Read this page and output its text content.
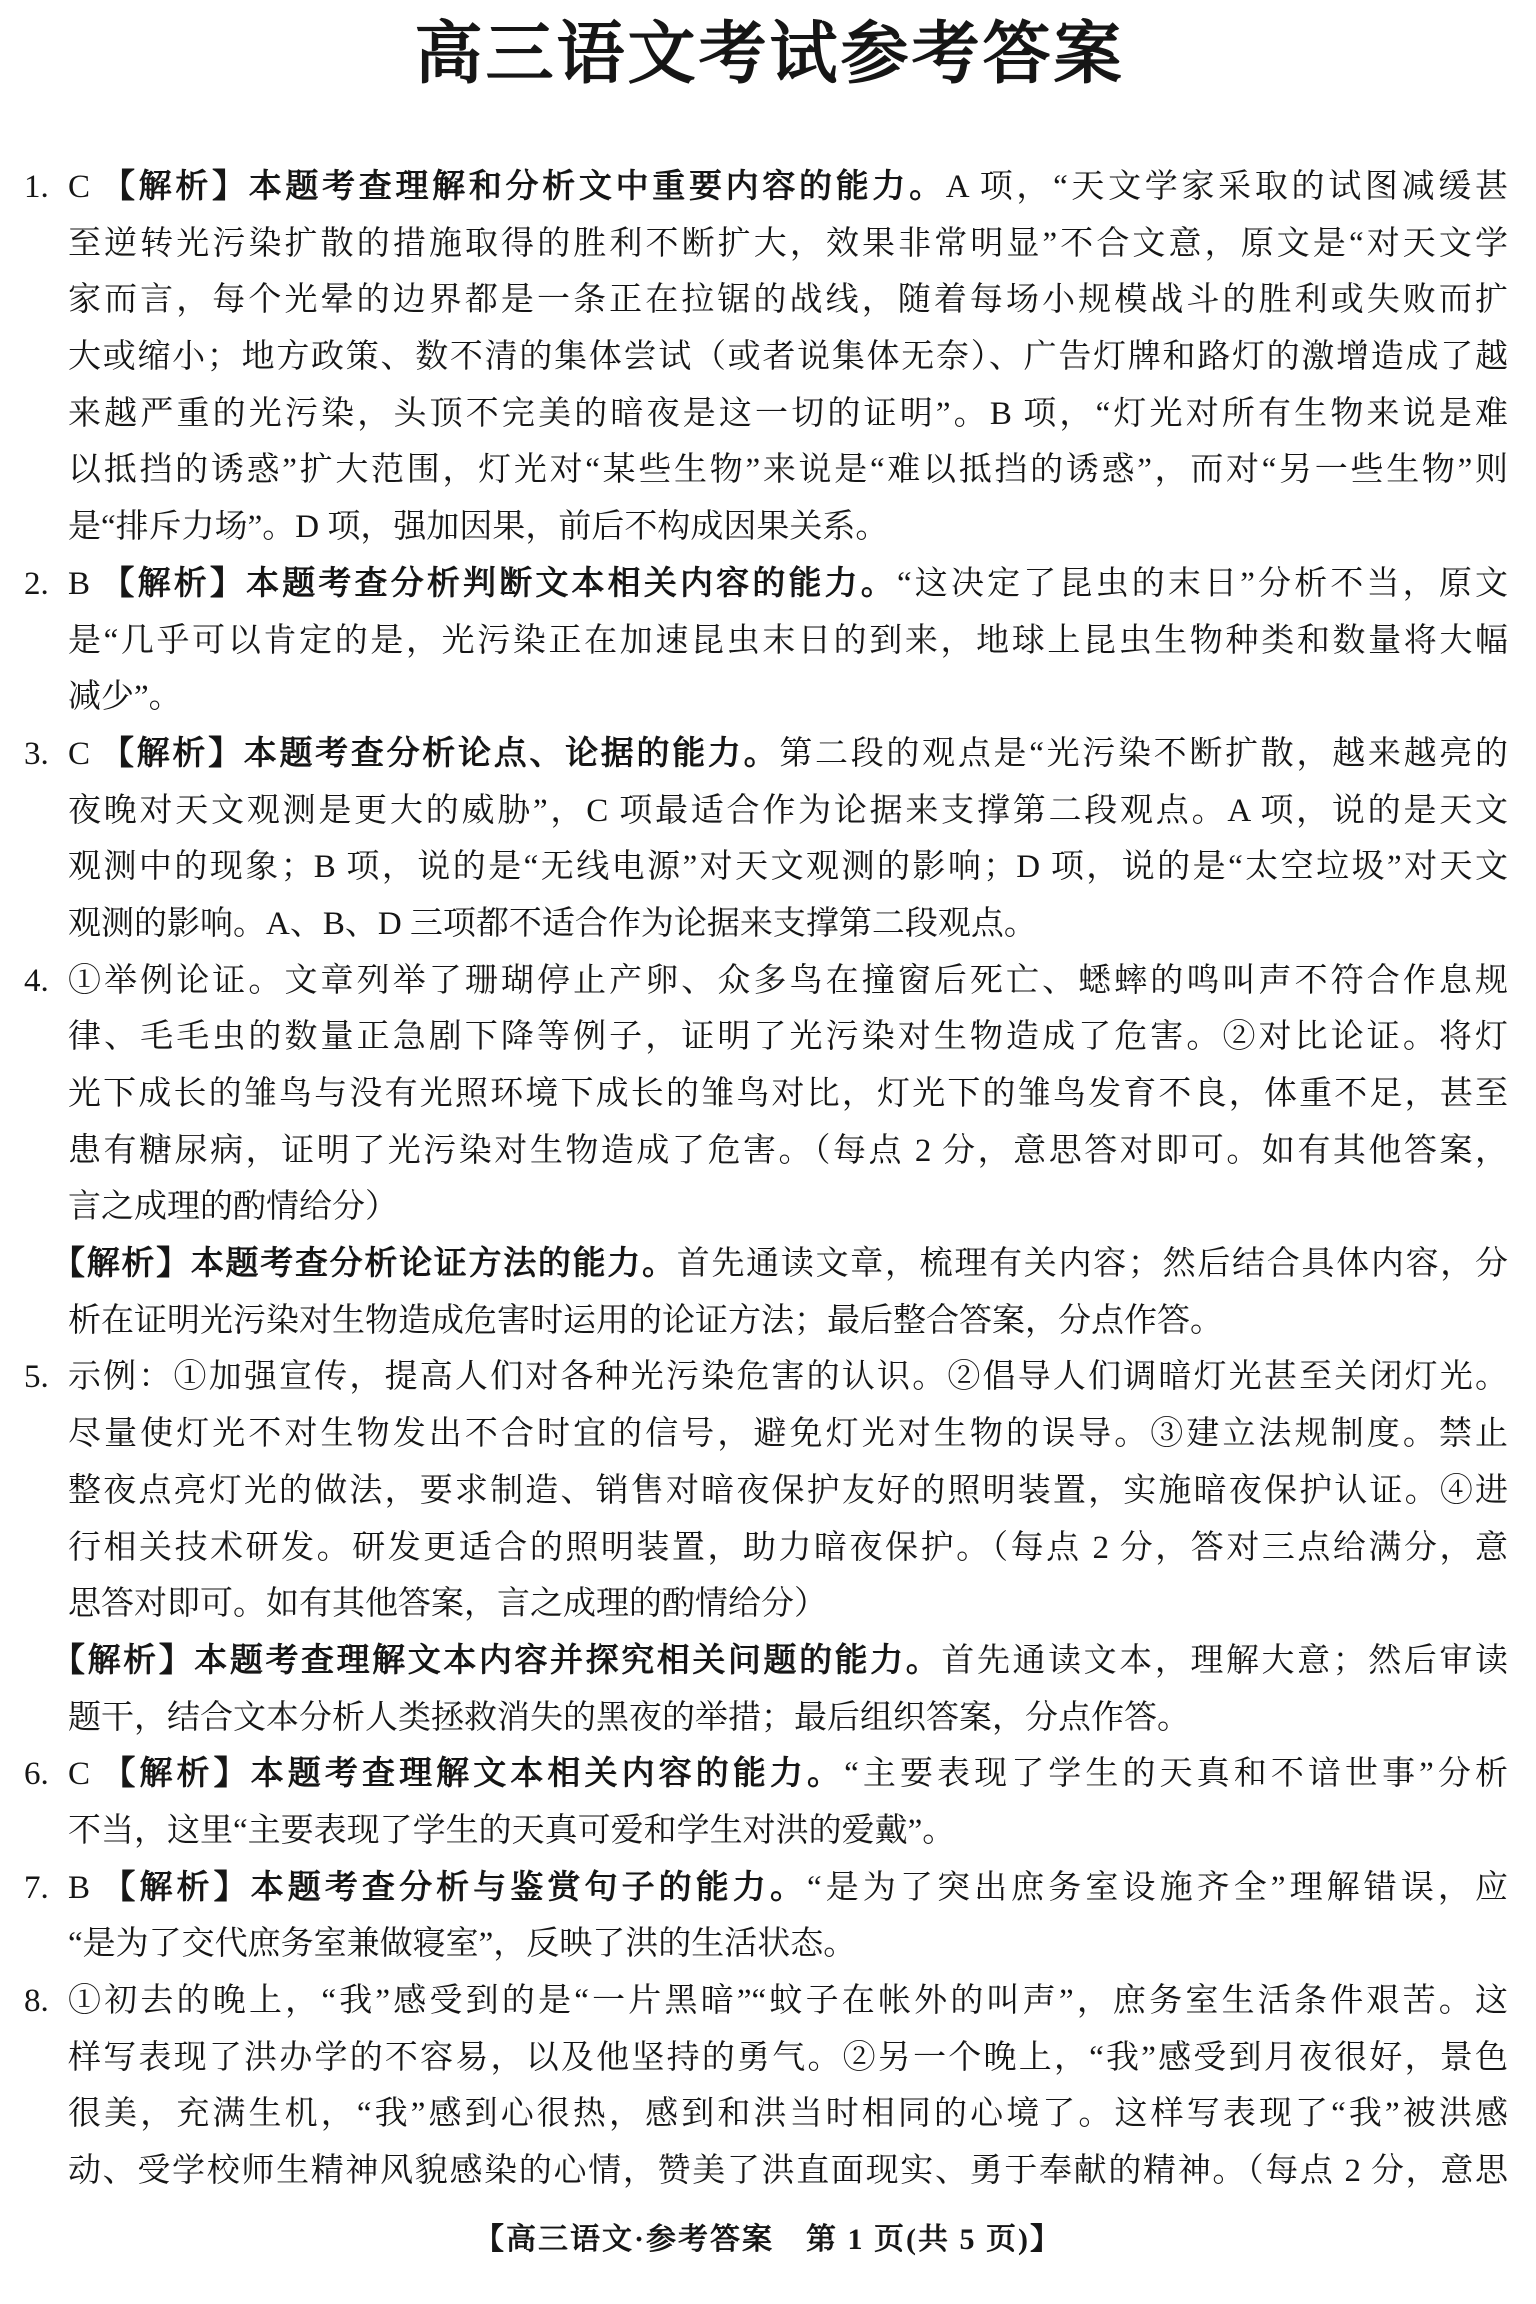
高三语文考试参考答案
1. C 【解析】本题考查理解和分析文中重要内容的能力。A 项，“天文学家采取的试图减缓甚
至逆转光污染扩散的措施取得的胜利不断扩大，效果非常明显”不合文意，原文是“对天文学
家而言，每个光晕的边界都是一条正在拉锯的战线，随着每场小规模战斗的胜利或失败而扩
大或缩小；地方政策、数不清的集体尝试（或者说集体无奈）、广告灯牌和路灯的激增造成了越
来越严重的光污染，头顶不完美的暗夜是这一切的证明”。B 项，“灯光对所有生物来说是难
以抵挡的诱惑”扩大范围，灯光对“某些生物”来说是“难以抵挡的诱惑”，而对“另一些生物”则
是“排斥力场”。D 项，强加因果，前后不构成因果关系。
2. B 【解析】本题考查分析判断文本相关内容的能力。“这决定了昆虫的末日”分析不当，原文
是“几乎可以肯定的是，光污染正在加速昆虫末日的到来，地球上昆虫生物种类和数量将大幅
减少”。
3. C 【解析】本题考查分析论点、论据的能力。第二段的观点是“光污染不断扩散，越来越亮的
夜晚对天文观测是更大的威胁”，C 项最适合作为论据来支撑第二段观点。A 项，说的是天文
观测中的现象；B 项，说的是“无线电源”对天文观测的影响；D 项，说的是“太空垃圾”对天文
观测的影响。A、B、D 三项都不适合作为论据来支撑第二段观点。
4. ①举例论证。文章列举了珊瑚停止产卵、众多鸟在撞窗后死亡、蟋蟀的鸣叫声不符合作息规
律、毛毛虫的数量正急剧下降等例子，证明了光污染对生物造成了危害。②对比论证。将灯
光下成长的雏鸟与没有光照环境下成长的雏鸟对比，灯光下的雏鸟发育不良，体重不足，甚至
患有糖尿病，证明了光污染对生物造成了危害。（每点 2 分，意思答对即可。如有其他答案，
言之成理的酌情给分）
【解析】本题考查分析论证方法的能力。首先通读文章，梳理有关内容；然后结合具体内容，分
析在证明光污染对生物造成危害时运用的论证方法；最后整合答案，分点作答。
5. 示例：①加强宣传，提高人们对各种光污染危害的认识。②倡导人们调暗灯光甚至关闭灯光。
尽量使灯光不对生物发出不合时宜的信号，避免灯光对生物的误导。③建立法规制度。禁止
整夜点亮灯光的做法，要求制造、销售对暗夜保护友好的照明装置，实施暗夜保护认证。④进
行相关技术研发。研发更适合的照明装置，助力暗夜保护。（每点 2 分，答对三点给满分，意
思答对即可。如有其他答案，言之成理的酌情给分）
【解析】本题考查理解文本内容并探究相关问题的能力。首先通读文本，理解大意；然后审读
题干，结合文本分析人类拯救消失的黑夜的举措；最后组织答案，分点作答。
6. C 【解析】本题考查理解文本相关内容的能力。“主要表现了学生的天真和不谙世事”分析
不当，这里“主要表现了学生的天真可爱和学生对洪的爱戴”。
7. B 【解析】本题考查分析与鉴赏句子的能力。“是为了突出庶务室设施齐全”理解错误，应
“是为了交代庶务室兼做寝室”，反映了洪的生活状态。
8. ①初去的晚上，“我”感受到的是“一片黑暗”“蚊子在帐外的叫声”，庶务室生活条件艰苦。这
样写表现了洪办学的不容易，以及他坚持的勇气。②另一个晚上，“我”感受到月夜很好，景色
很美，充满生机，“我”感到心很热，感到和洪当时相同的心境了。这样写表现了“我”被洪感
动、受学校师生精神风貌感染的心情，赞美了洪直面现实、勇于奉献的精神。（每点 2 分，意思
【高三语文·参考答案　第 1 页(共 5 页)】
